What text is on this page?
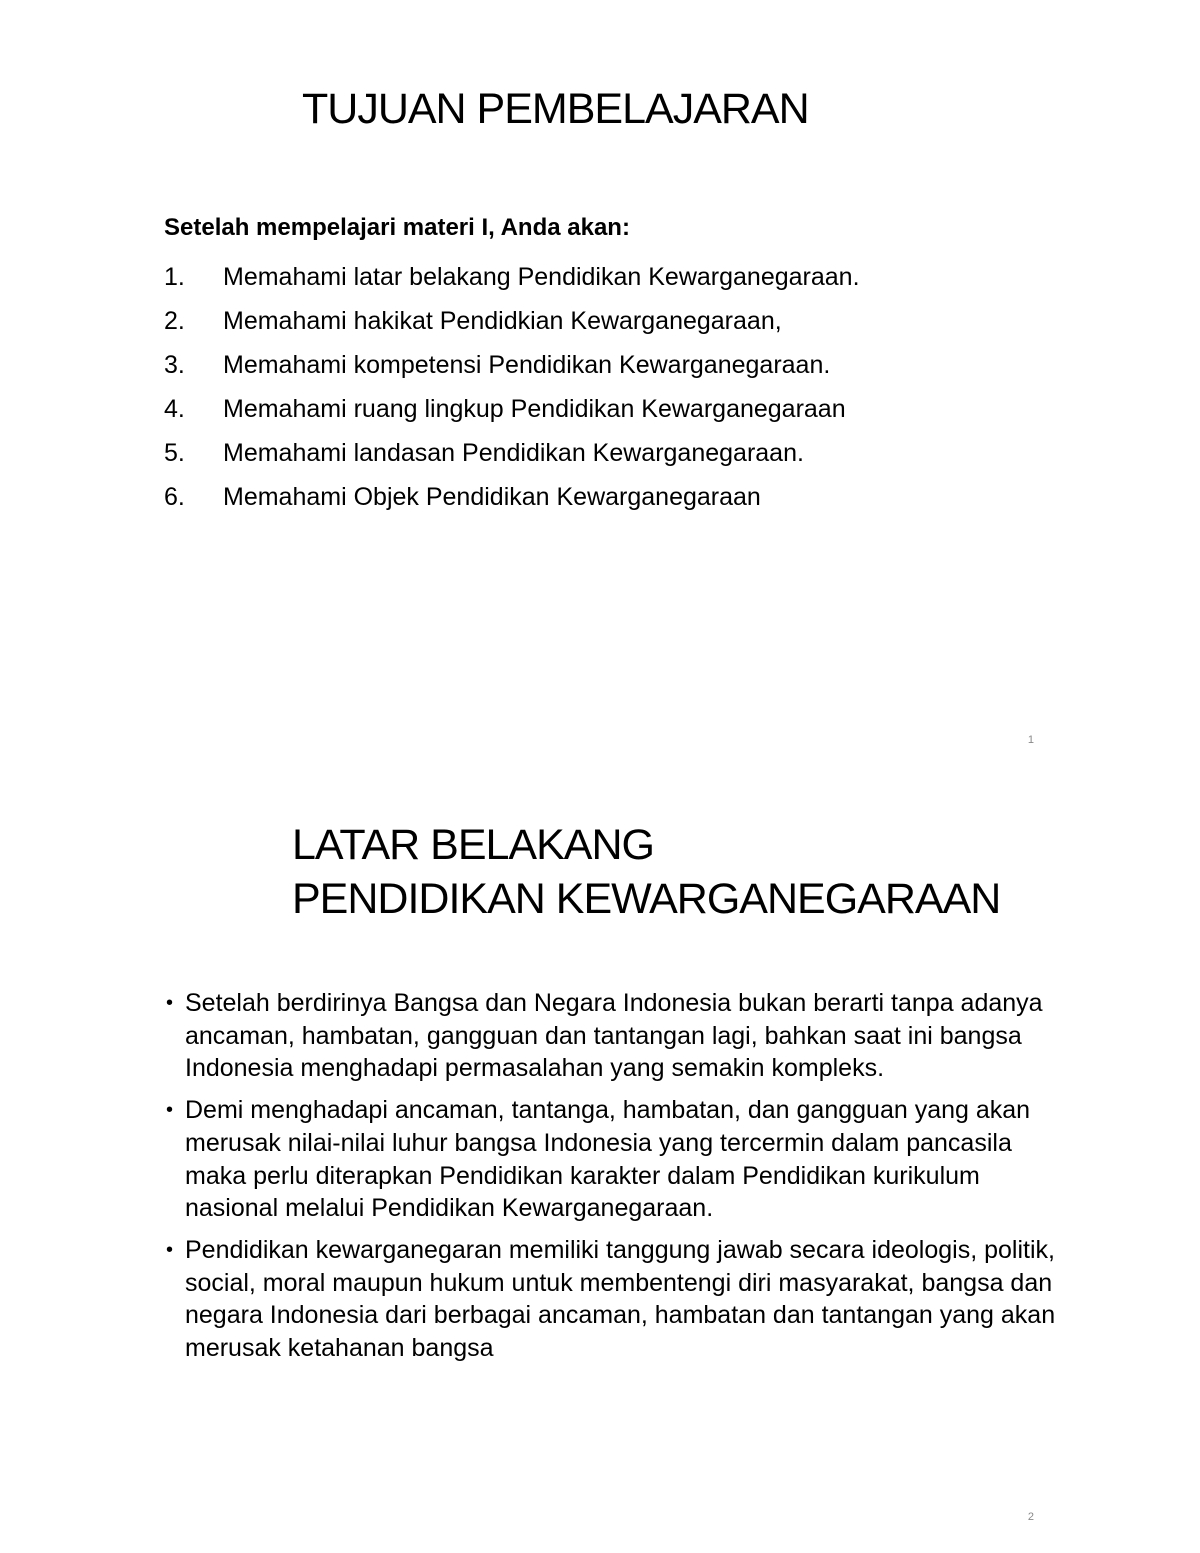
TUJUAN PEMBELAJARAN
Setelah mempelajari materi I, Anda akan:
1.	Memahami latar belakang Pendidikan Kewarganegaraan.
2.	Memahami hakikat Pendidkian Kewarganegaraan,
3.	Memahami kompetensi Pendidikan Kewarganegaraan.
4.	Memahami ruang lingkup Pendidikan Kewarganegaraan
5.	Memahami landasan Pendidikan Kewarganegaraan.
6.	Memahami Objek Pendidikan Kewarganegaraan
1
LATAR BELAKANG
PENDIDIKAN KEWARGANEGARAAN
• Setelah berdirinya Bangsa dan Negara Indonesia bukan berarti tanpa adanya ancaman, hambatan, gangguan dan tantangan lagi, bahkan saat ini bangsa Indonesia menghadapi permasalahan yang semakin kompleks.
• Demi menghadapi ancaman, tantanga, hambatan, dan gangguan yang akan merusak nilai-nilai luhur bangsa Indonesia yang tercermin dalam pancasila maka perlu diterapkan Pendidikan karakter dalam Pendidikan kurikulum nasional melalui Pendidikan Kewarganegaraan.
• Pendidikan kewarganegaran memiliki tanggung jawab secara ideologis, politik, social, moral maupun hukum untuk membentengi diri masyarakat, bangsa dan negara Indonesia dari berbagai ancaman, hambatan dan tantangan yang akan merusak ketahanan bangsa
2
